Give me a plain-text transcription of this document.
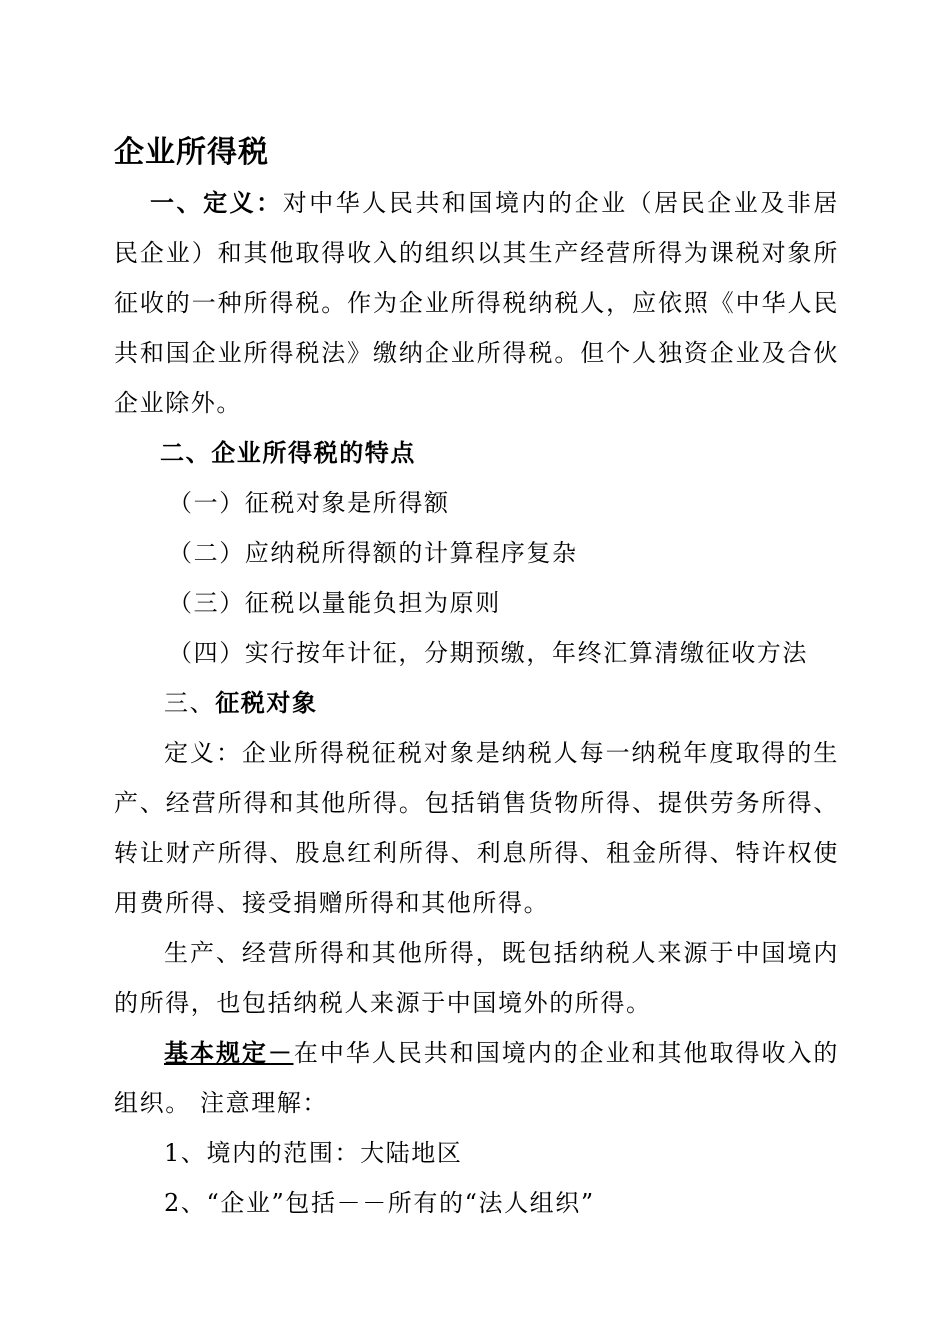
企业所得税

一、定义：对中华人民共和国境内的企业（居民企业及非居民企业）和其他取得收入的组织以其生产经营所得为课税对象所征收的一种所得税。作为企业所得税纳税人，应依照《中华人民共和国企业所得税法》缴纳企业所得税。但个人独资企业及合伙企业除外。

二、企业所得税的特点

（一）征税对象是所得额

（二）应纳税所得额的计算程序复杂

（三）征税以量能负担为原则

（四）实行按年计征，分期预缴，年终汇算清缴征收方法

三、征税对象

定义：企业所得税征税对象是纳税人每一纳税年度取得的生产、经营所得和其他所得。包括销售货物所得、提供劳务所得、转让财产所得、股息红利所得、利息所得、租金所得、特许权使用费所得、接受捐赠所得和其他所得。

生产、经营所得和其他所得，既包括纳税人来源于中国境内的所得，也包括纳税人来源于中国境外的所得。

基本规定－在中华人民共和国境内的企业和其他取得收入的组织。 注意理解：

1、境内的范围：大陆地区

2、“企业”包括－－所有的“法人组织”
